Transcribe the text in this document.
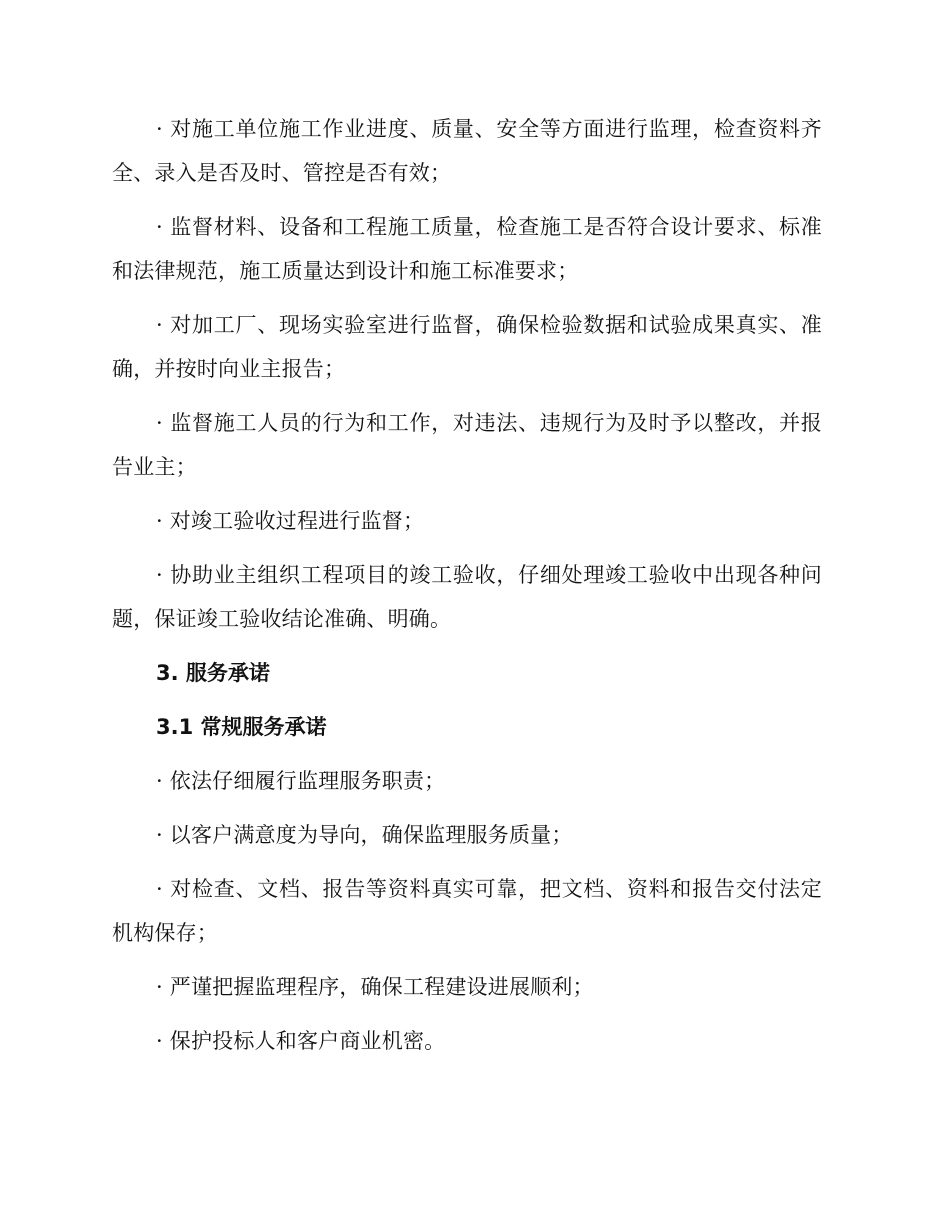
· 对施工单位施工作业进度、质量、安全等方面进行监理，检查资料齐全、录入是否及时、管控是否有效；

· 监督材料、设备和工程施工质量，检查施工是否符合设计要求、标准和法律规范，施工质量达到设计和施工标准要求；

· 对加工厂、现场实验室进行监督，确保检验数据和试验成果真实、准确，并按时向业主报告；

· 监督施工人员的行为和工作，对违法、违规行为及时予以整改，并报告业主；

· 对竣工验收过程进行监督；

· 协助业主组织工程项目的竣工验收，仔细处理竣工验收中出现各种问题，保证竣工验收结论准确、明确。

3. 服务承诺
3.1 常规服务承诺

· 依法仔细履行监理服务职责；

· 以客户满意度为导向，确保监理服务质量；

· 对检查、文档、报告等资料真实可靠，把文档、资料和报告交付法定机构保存；

· 严谨把握监理程序，确保工程建设进展顺利；

· 保护投标人和客户商业机密。
